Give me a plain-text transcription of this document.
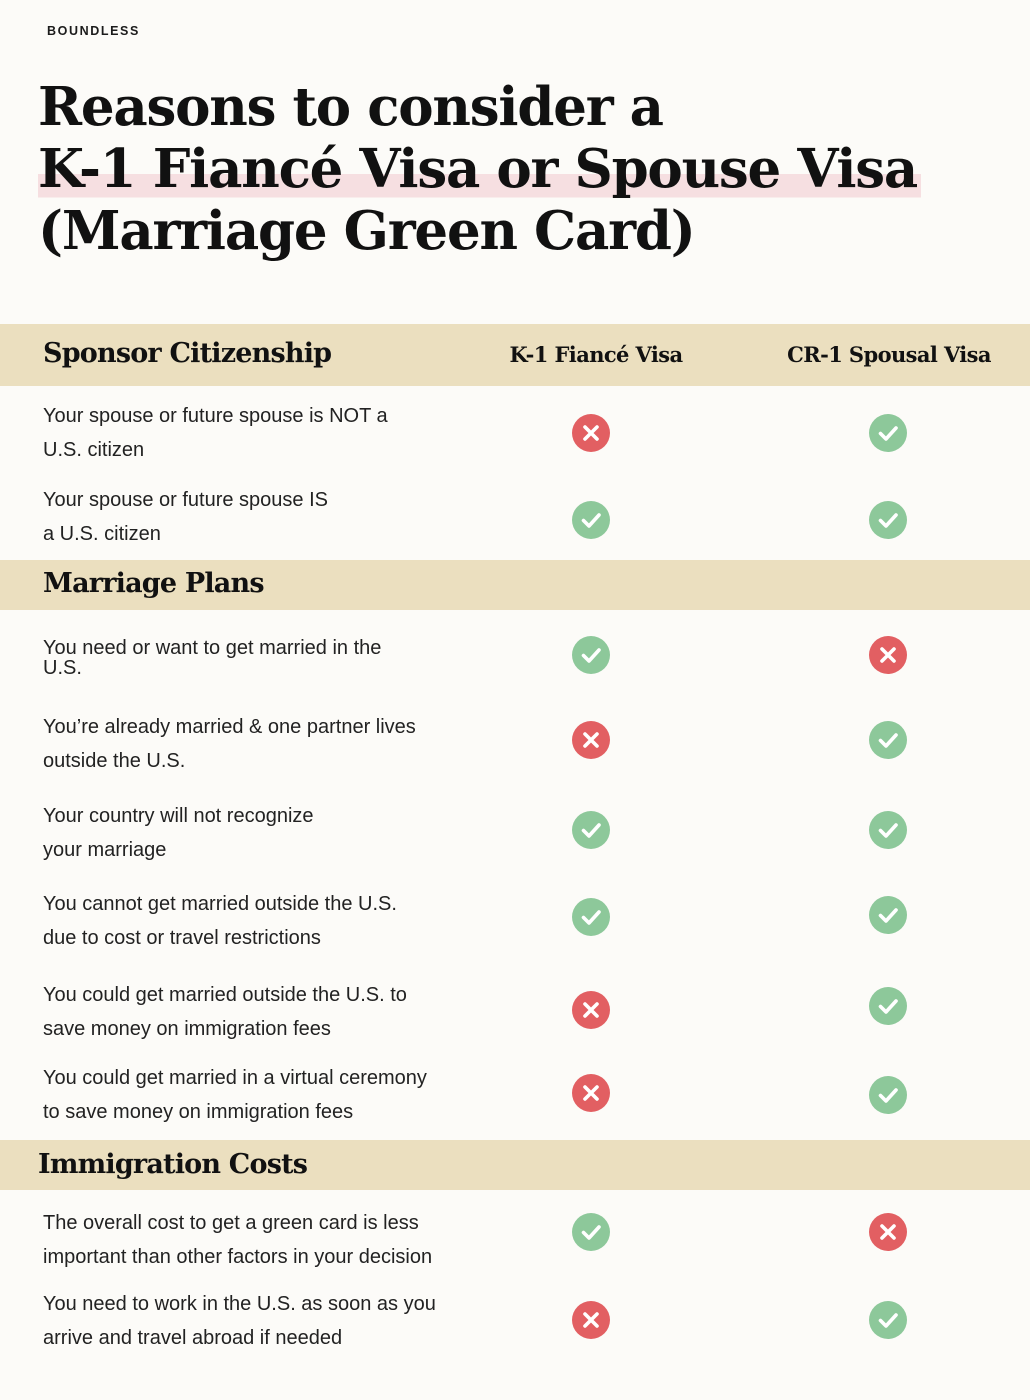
BOUNDLESS
Reasons to consider a
K-1 Fiancé Visa or Spouse Visa
(Marriage Green Card)
Sponsor Citizenship	K-1 Fiancé Visa	CR-1 Spousal Visa
Your spouse or future spouse is NOT a
U.S. citizen
Your spouse or future spouse IS
a U.S. citizen
Marriage Plans
You need or want to get married in the
U.S.
You’re already married & one partner lives
outside the U.S.
Your country will not recognize
your marriage
You cannot get married outside the U.S.
due to cost or travel restrictions
You could get married outside the U.S. to
save money on immigration fees
You could get married in a virtual ceremony
to save money on immigration fees
Immigration Costs
The overall cost to get a green card is less
important than other factors in your decision
You need to work in the U.S. as soon as you
arrive and travel abroad if needed
